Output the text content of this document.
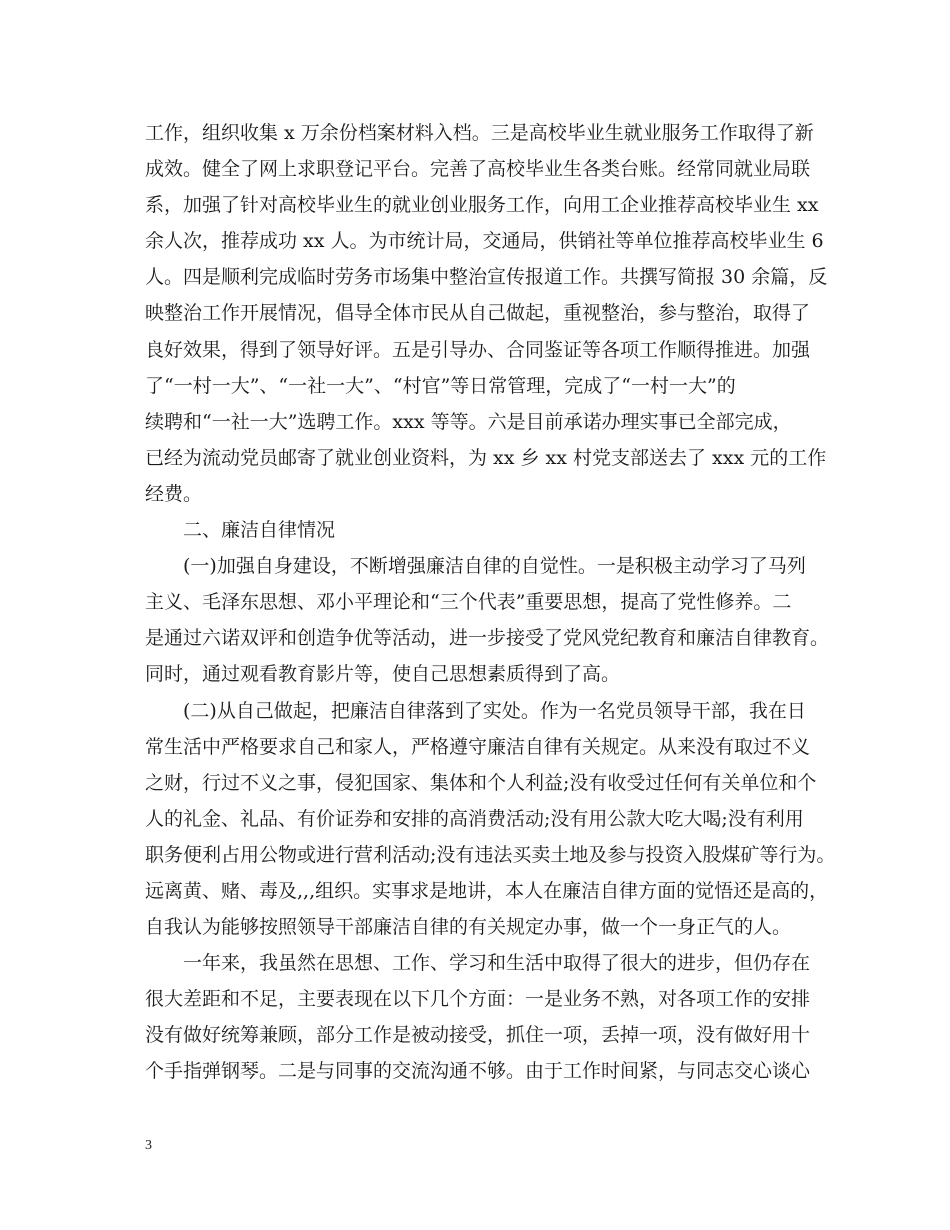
工作，组织收集 x 万余份档案材料入档。三是高校毕业生就业服务工作取得了新
成效。健全了网上求职登记平台。完善了高校毕业生各类台账。经常同就业局联
系，加强了针对高校毕业生的就业创业服务工作，向用工企业推荐高校毕业生 xx
余人次，推荐成功 xx 人。为市统计局，交通局，供销社等单位推荐高校毕业生 6
人。四是顺利完成临时劳务市场集中整治宣传报道工作。共撰写简报 30 余篇，反
映整治工作开展情况，倡导全体市民从自己做起，重视整治，参与整治，取得了
良好效果，得到了领导好评。五是引导办、合同鉴证等各项工作顺得推进。加强
了“一村一大”、“一社一大”、“村官”等日常管理，完成了“一村一大”的
续聘和“一社一大”选聘工作。xxx 等等。六是目前承诺办理实事已全部完成，
已经为流动党员邮寄了就业创业资料，为 xx 乡 xx 村党支部送去了 xxx 元的工作
经费。
二、廉洁自律情况
(一)加强自身建设，不断增强廉洁自律的自觉性。一是积极主动学习了马列
主义、毛泽东思想、邓小平理论和“三个代表”重要思想，提高了党性修养。二
是通过六诺双评和创造争优等活动，进一步接受了党风党纪教育和廉洁自律教育。
同时，通过观看教育影片等，使自己思想素质得到了高。
(二)从自己做起，把廉洁自律落到了实处。作为一名党员领导干部，我在日
常生活中严格要求自己和家人，严格遵守廉洁自律有关规定。从来没有取过不义
之财，行过不义之事，侵犯国家、集体和个人利益;没有收受过任何有关单位和个
人的礼金、礼品、有价证券和安排的高消费活动;没有用公款大吃大喝;没有利用
职务便利占用公物或进行营利活动;没有违法买卖土地及参与投资入股煤矿等行为。
远离黄、赌、毒及,,,组织。实事求是地讲，本人在廉洁自律方面的觉悟还是高的，
自我认为能够按照领导干部廉洁自律的有关规定办事，做一个一身正气的人。
一年来，我虽然在思想、工作、学习和生活中取得了很大的进步，但仍存在
很大差距和不足，主要表现在以下几个方面：一是业务不熟，对各项工作的安排
没有做好统筹兼顾，部分工作是被动接受，抓住一项，丢掉一项，没有做好用十
个手指弹钢琴。二是与同事的交流沟通不够。由于工作时间紧，与同志交心谈心
3
